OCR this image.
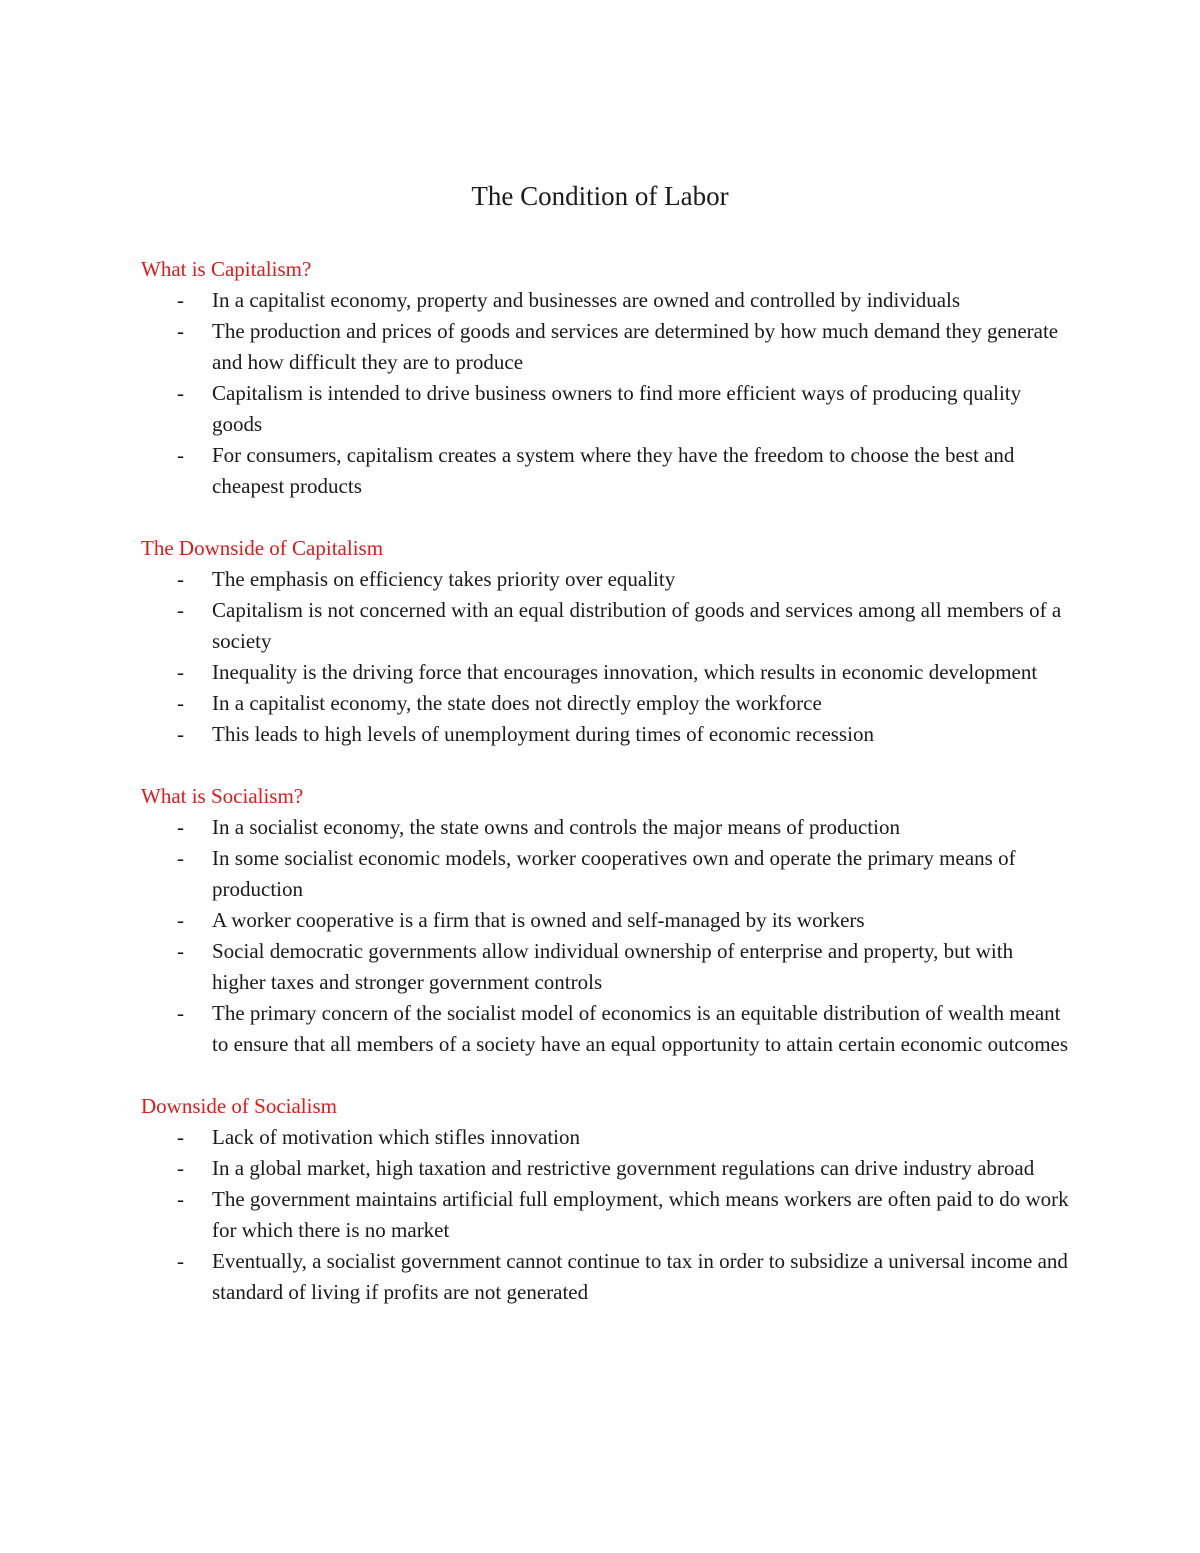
The Condition of Labor
What is Capitalism?
- In a capitalist economy, property and businesses are owned and controlled by individuals
- The production and prices of goods and services are determined by how much demand they generate and how difficult they are to produce
- Capitalism is intended to drive business owners to find more efficient ways of producing quality goods
- For consumers, capitalism creates a system where they have the freedom to choose the best and cheapest products
The Downside of Capitalism
- The emphasis on efficiency takes priority over equality
- Capitalism is not concerned with an equal distribution of goods and services among all members of a society
- Inequality is the driving force that encourages innovation, which results in economic development
- In a capitalist economy, the state does not directly employ the workforce
- This leads to high levels of unemployment during times of economic recession
What is Socialism?
- In a socialist economy, the state owns and controls the major means of production
- In some socialist economic models, worker cooperatives own and operate the primary means of production
- A worker cooperative is a firm that is owned and self-managed by its workers
- Social democratic governments allow individual ownership of enterprise and property, but with higher taxes and stronger government controls
- The primary concern of the socialist model of economics is an equitable distribution of wealth meant to ensure that all members of a society have an equal opportunity to attain certain economic outcomes
Downside of Socialism
- Lack of motivation which stifles innovation
- In a global market, high taxation and restrictive government regulations can drive industry abroad
- The government maintains artificial full employment, which means workers are often paid to do work for which there is no market
- Eventually, a socialist government cannot continue to tax in order to subsidize a universal income and standard of living if profits are not generated
